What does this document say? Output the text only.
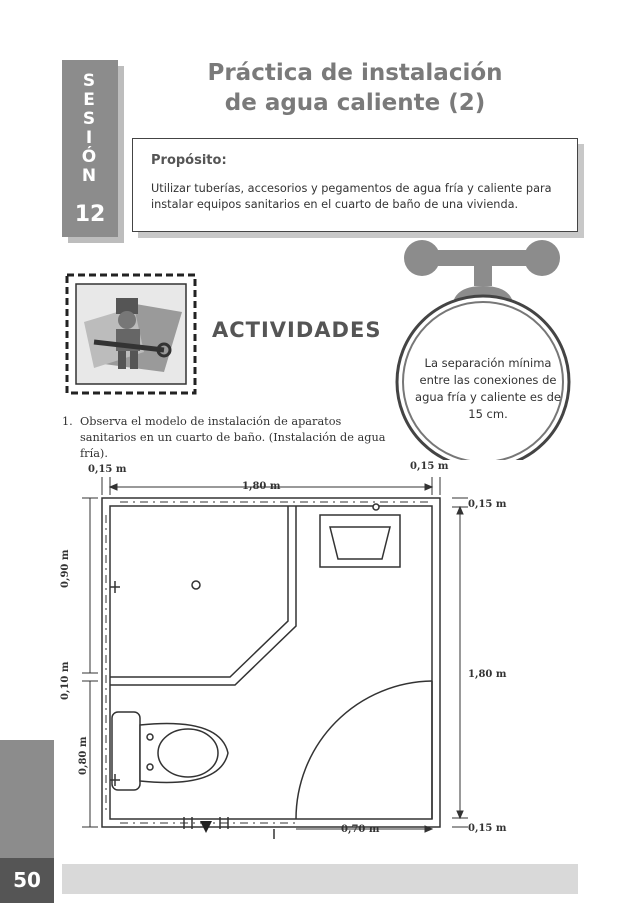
S
E
S
I
Ó
N
12
Práctica de instalación
de agua caliente (2)
Propósito:
Utilizar tuberías, accesorios y pegamentos de agua fría y caliente para instalar equipos sanitarios en el cuarto de baño de una vivienda.
ACTIVIDADES
La separación mínima entre las conexiones de agua fría y caliente es de 15 cm.
1. Observa el modelo de instalación de aparatos sanitarios en un cuarto de baño. (Instalación de agua fría).
0,15 m	0,15 m
1,80 m
0,15 m
1,80 m
0,15 m
0,70 m
0,90 m
0,10 m
0,80 m
50
